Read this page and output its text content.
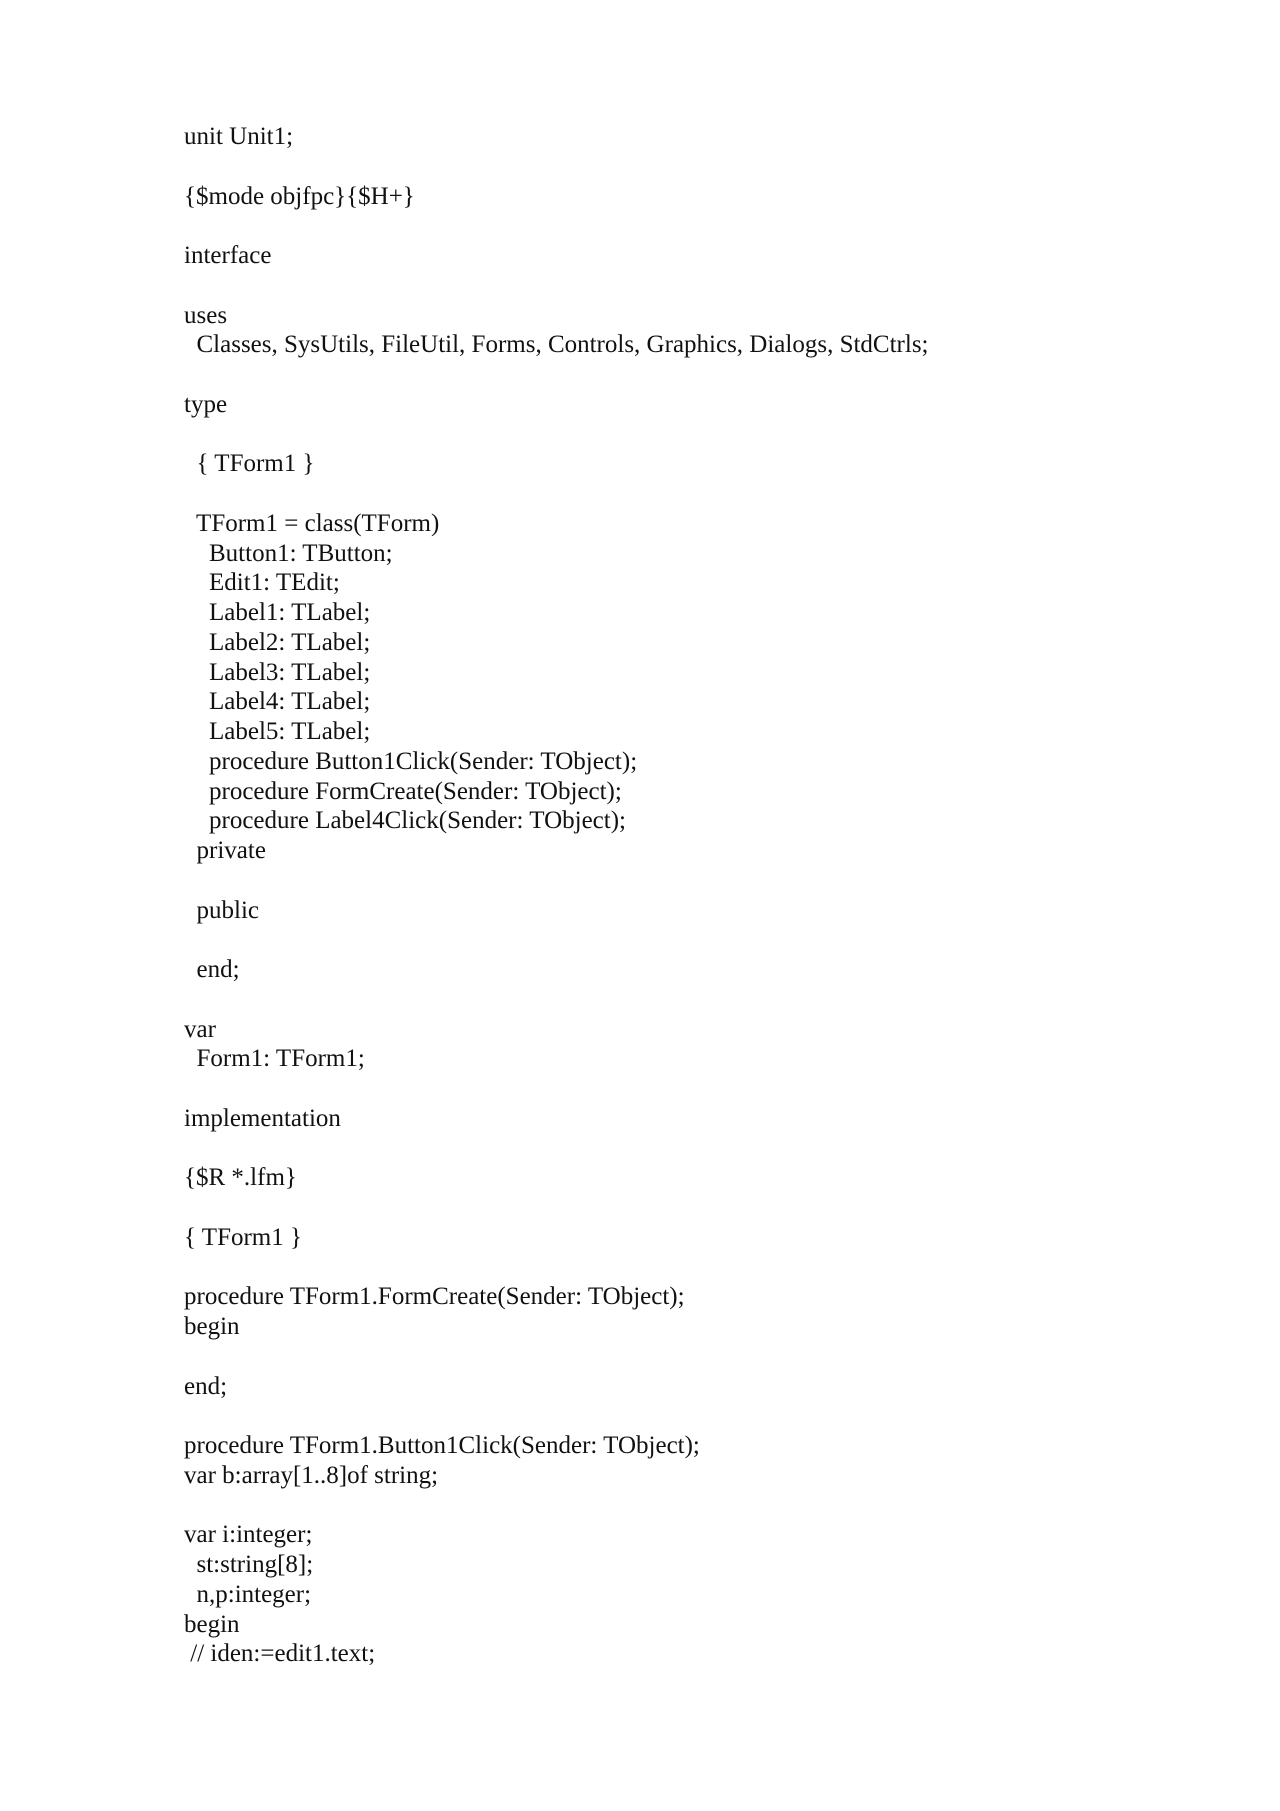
unit Unit1;
{$mode objfpc}{$H+}
interface
uses
Classes, SysUtils, FileUtil, Forms, Controls, Graphics, Dialogs, StdCtrls;
type
{ TForm1 }
TForm1 = class(TForm)
Button1: TButton;
Edit1: TEdit;
Label1: TLabel;
Label2: TLabel;
Label3: TLabel;
Label4: TLabel;
Label5: TLabel;
procedure Button1Click(Sender: TObject);
procedure FormCreate(Sender: TObject);
procedure Label4Click(Sender: TObject);
private
public
end;
var
Form1: TForm1;
implementation
{$R *.lfm}
{ TForm1 }
procedure TForm1.FormCreate(Sender: TObject);
begin
end;
procedure TForm1.Button1Click(Sender: TObject);
var b:array[1..8]of string;
var i:integer;
st:string[8];
n,p:integer;
begin
// iden:=edit1.text;
